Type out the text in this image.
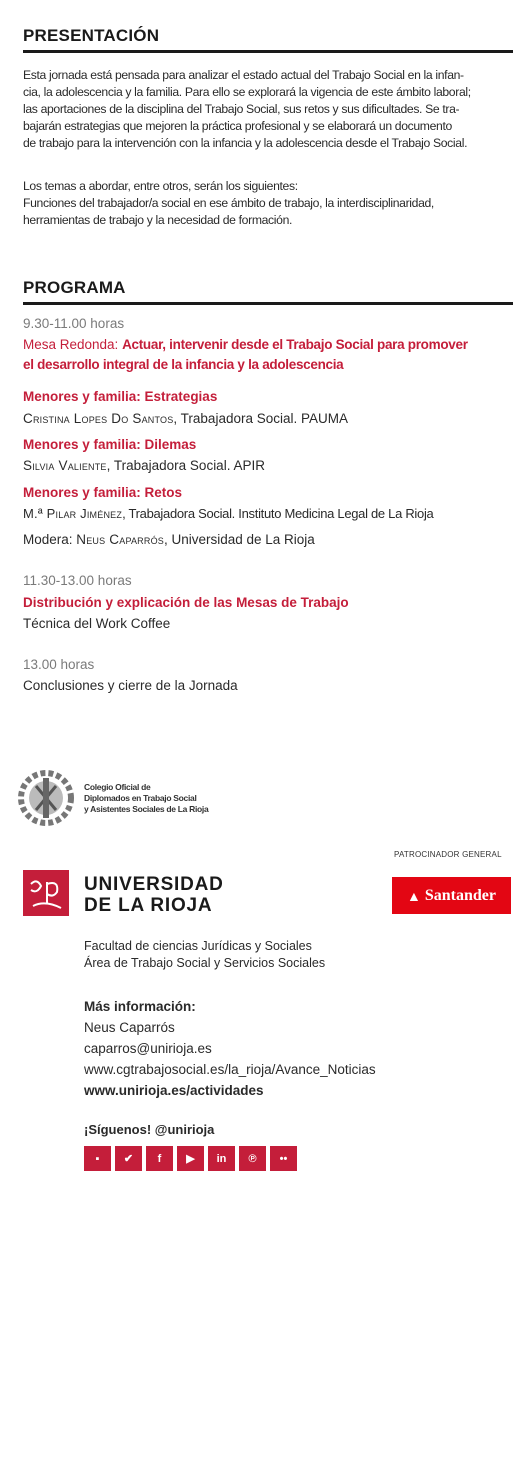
PRESENTACIÓN
Esta jornada está pensada para analizar el estado actual del Trabajo Social en la infan-
cia, la adolescencia y la familia. Para ello se explorará la vigencia de este ámbito laboral;
las aportaciones de la disciplina del Trabajo Social, sus retos y sus dificultades. Se tra-
bajarán estrategias que mejoren la práctica profesional y se elaborará un documento
de trabajo para la intervención con la infancia y la adolescencia desde el Trabajo Social.
Los temas a abordar, entre otros, serán los siguientes:
Funciones del trabajador/a social en ese ámbito de trabajo, la interdisciplinaridad,
herramientas de trabajo y la necesidad de formación.
PROGRAMA
9.30-11.00 horas
Mesa Redonda: Actuar, intervenir desde el Trabajo Social para promover
el desarrollo integral de la infancia y la adolescencia
Menores y familia: Estrategias
Cristina Lopes Do Santos, Trabajadora Social. PAUMA
Menores y familia: Dilemas
Silvia Valiente, Trabajadora Social. APIR
Menores y familia: Retos
M.ª Pilar Jiménez, Trabajadora Social. Instituto Medicina Legal de La Rioja
Modera: Neus Caparrós, Universidad de La Rioja
11.30-13.00 horas
Distribución y explicación de las Mesas de Trabajo
Técnica del Work Coffee
13.00 horas
Conclusiones y cierre de la Jornada
Colegio Oficial de
Diplomados en Trabajo Social
y Asistentes Sociales de La Rioja
PATROCINADOR GENERAL
▲ Santander
UNIVERSIDAD
DE LA RIOJA
Facultad de ciencias Jurídicas y Sociales
Área de Trabajo Social y Servicios Sociales
Más información:
Neus Caparrós
caparros@unirioja.es
www.cgtrabajosocial.es/la_rioja/Avance_Noticias
www.unirioja.es/actividades
¡Síguenos! @unirioja
▪	✔	f	▶	in	℗	••
